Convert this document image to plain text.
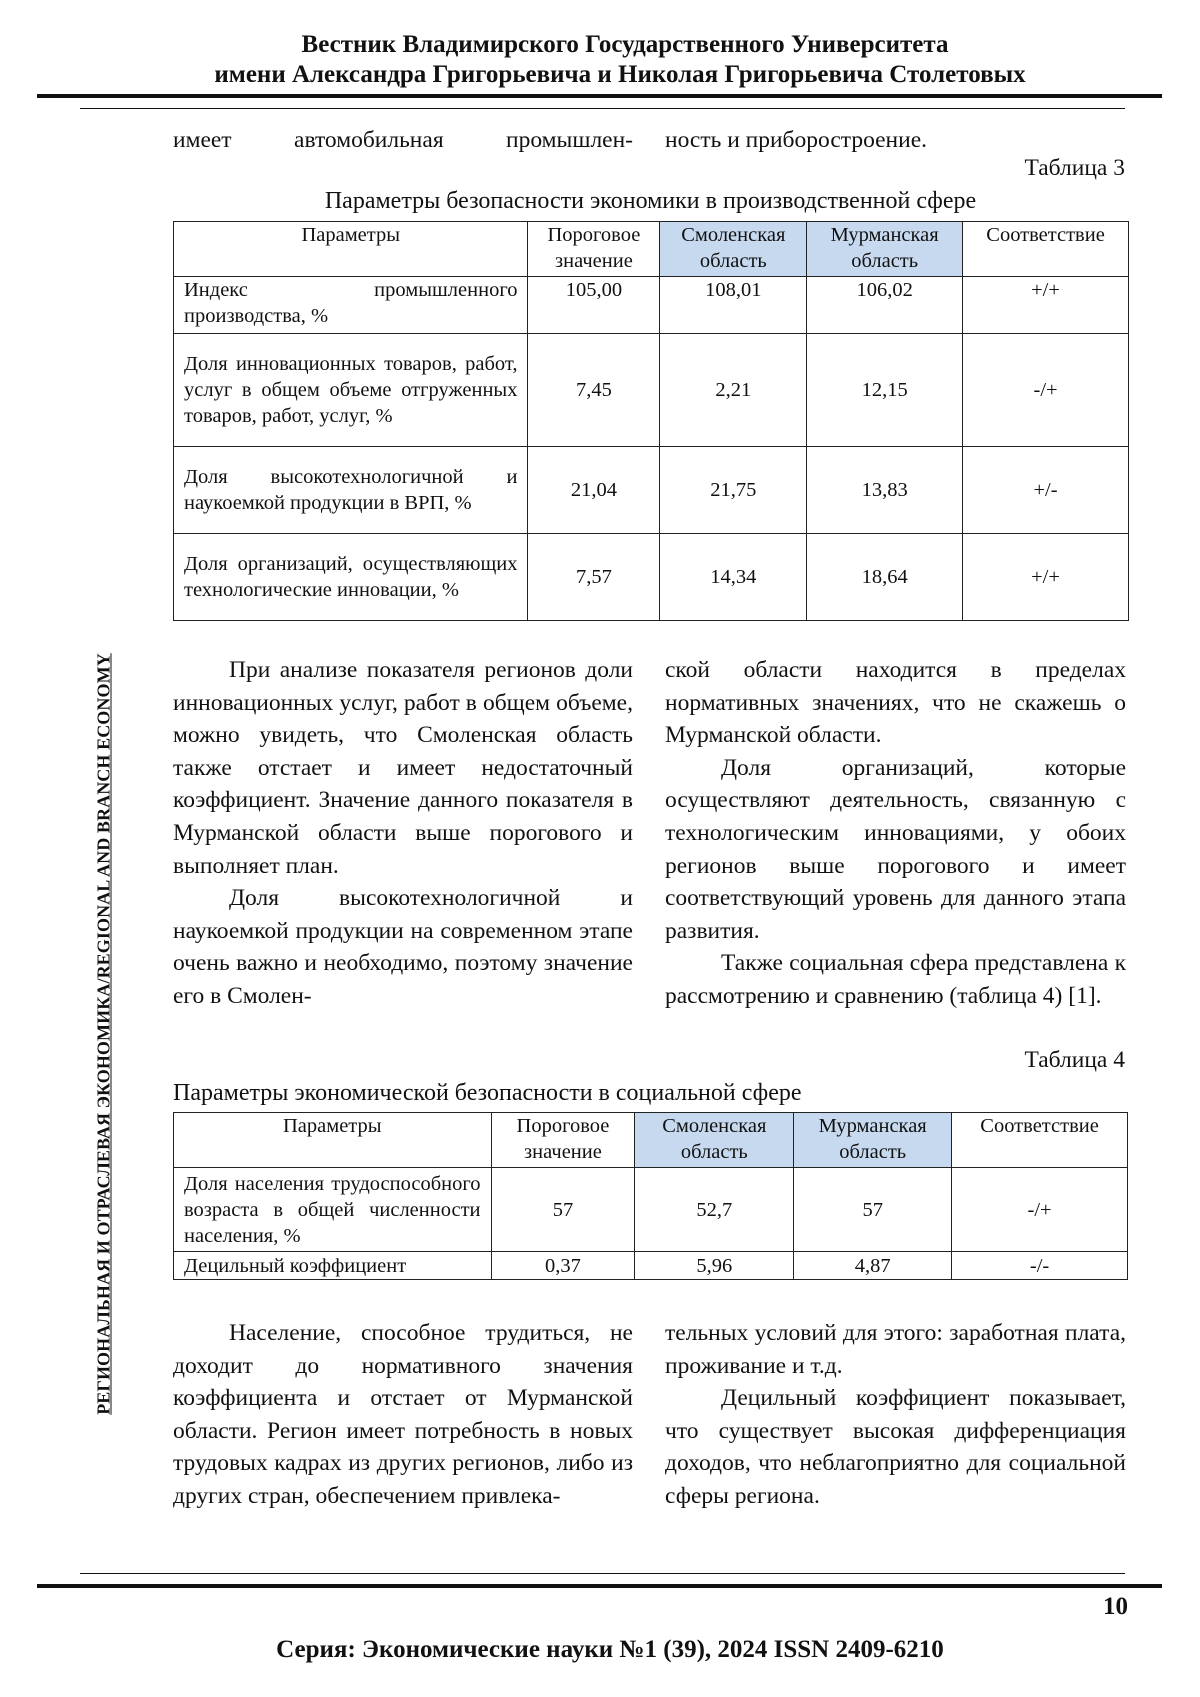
Вестник Владимирского Государственного Университета
имени Александра Григорьевича и Николая Григорьевича Столетовых
РЕГИОНАЛЬНАЯ И ОТРАСЛЕВАЯ ЭКОНОМИКА/REGIONAL AND BRANCH ECONOMY
имеет автомобильная промышлен- ность и приборостроение.
Таблица 3
Параметры безопасности экономики в производственной сфере
Параметры	Пороговое значение	Смоленская область	Мурманская область	Соответствие
Индекс промышленного производства, %	105,00	108,01	106,02	+/+
Доля инновационных товаров, работ, услуг в общем объеме отгруженных товаров, работ, услуг, %	7,45	2,21	12,15	-/+
Доля высокотехнологичной и наукоемкой продукции в ВРП, %	21,04	21,75	13,83	+/-
Доля организаций, осуществляющих технологические инновации, %	7,57	14,34	18,64	+/+

При анализе показателя регионов доли инновационных услуг, работ в общем объеме, можно увидеть, что Смоленская область также отстает и имеет недостаточный коэффициент. Значение данного показателя в Мурманской области выше порогового и выполняет план.

Доля высокотехнологичной и наукоемкой продукции на современном этапе очень важно и необходимо, поэтому значение его в Смолен-

ской области находится в пределах нормативных значениях, что не скажешь о Мурманской области.

Доля организаций, которые осуществляют деятельность, связанную с технологическим инновациями, у обоих регионов выше порогового и имеет соответствующий уровень для данного этапа развития.

Также социальная сфера представлена к рассмотрению и сравнению (таблица 4) [1].

Таблица 4
Параметры экономической безопасности в социальной сфере
Параметры	Пороговое значение	Смоленская область	Мурманская область	Соответствие
Доля населения трудоспособного возраста в общей численности населения, %	57	52,7	57	-/+
Децильный коэффициент	0,37	5,96	4,87	-/-

Население, способное трудиться, не доходит до нормативного значения коэффициента и отстает от Мурманской области. Регион имеет потребность в новых трудовых кадрах из других регионов, либо из других стран, обеспечением привлека-

тельных условий для этого: заработная плата, проживание и т.д.

Децильный коэффициент показывает, что существует высокая дифференциация доходов, что неблагоприятно для социальной сферы региона.

10
Серия: Экономические науки №1 (39), 2024 ISSN 2409-6210
